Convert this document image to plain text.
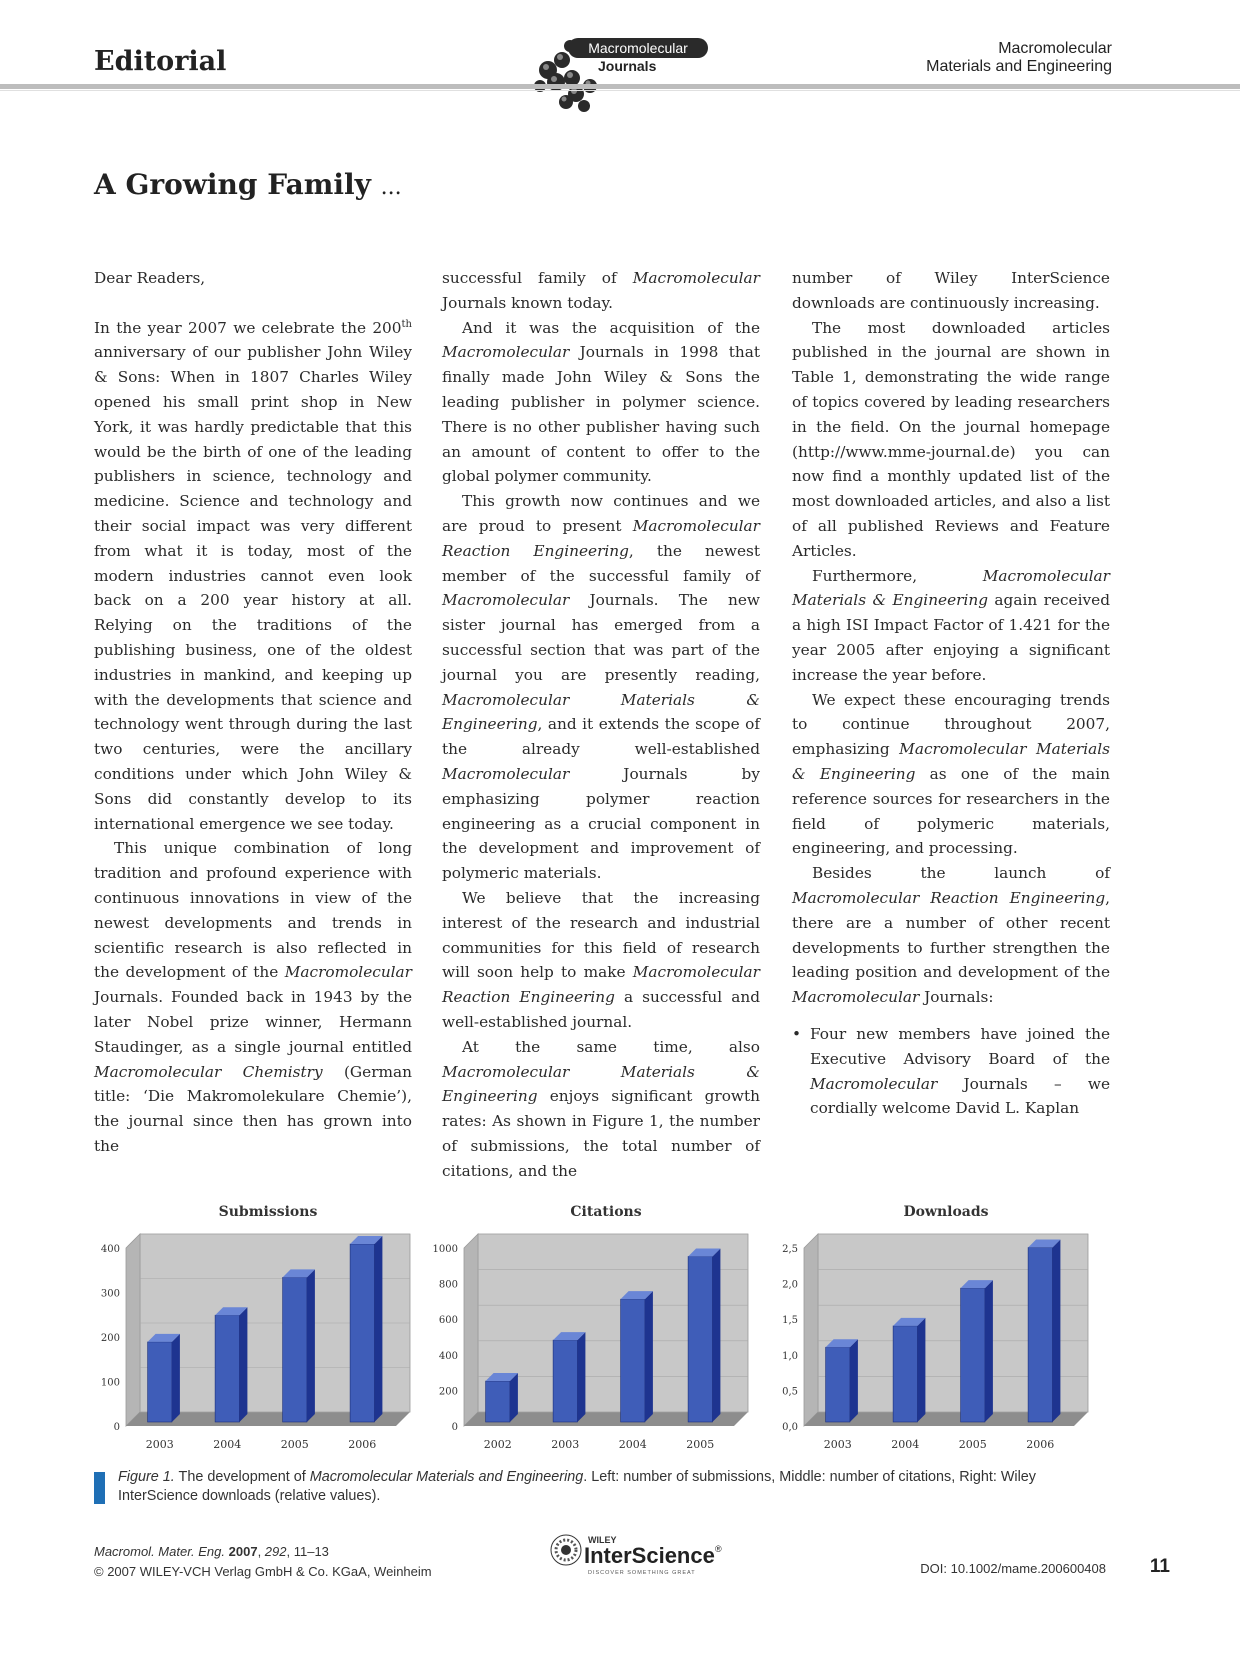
Editorial	Macromolecular
Journals
Macromolecular
Materials and Engineering
A Growing Family ...

Dear Readers,

In the year 2007 we celebrate the 200th anniversary of our publisher John Wiley & Sons: When in 1807 Charles Wiley opened his small print shop in New York, it was hardly predictable that this would be the birth of one of the leading publishers in science, technology and medicine. Science and technology and their social impact was very different from what it is today, most of the modern industries cannot even look back on a 200 year history at all. Relying on the traditions of the publishing business, one of the oldest industries in mankind, and keeping up with the developments that science and technology went through during the last two centuries, were the ancillary conditions under which John Wiley & Sons did constantly develop to its international emergence we see today.

This unique combination of long tradition and profound experience with continuous innovations in view of the newest developments and trends in scientific research is also reflected in the development of the Macromolecular Journals. Founded back in 1943 by the later Nobel prize winner, Hermann Staudinger, as a single journal entitled Macromolecular Chemistry (German title: ‘Die Makromolekulare Chemie’), the journal since then has grown into the

successful family of Macromolecular Journals known today.

And it was the acquisition of the Macromolecular Journals in 1998 that finally made John Wiley & Sons the leading publisher in polymer science. There is no other publisher having such an amount of content to offer to the global polymer community.

This growth now continues and we are proud to present Macromolecular Reaction Engineering, the newest member of the successful family of Macromolecular Journals. The new sister journal has emerged from a successful section that was part of the journal you are presently reading, Macromolecular Materials & Engineering, and it extends the scope of the already well-established Macromolecular Journals by emphasizing polymer reaction engineering as a crucial component in the development and improvement of polymeric materials.

We believe that the increasing interest of the research and industrial communities for this field of research will soon help to make Macromolecular Reaction Engineering a successful and well-established journal.

At the same time, also Macromolecular Materials & Engineering enjoys significant growth rates: As shown in Figure 1, the number of submissions, the total number of citations, and the

number of Wiley InterScience downloads are continuously increasing.

The most downloaded articles published in the journal are shown in Table 1, demonstrating the wide range of topics covered by leading researchers in the field. On the journal homepage (http://www.mme-journal.de) you can now find a monthly updated list of the most downloaded articles, and also a list of all published Reviews and Feature Articles.

Furthermore, Macromolecular Materials & Engineering again received a high ISI Impact Factor of 1.421 for the year 2005 after enjoying a significant increase the year before.

We expect these encouraging trends to continue throughout 2007, emphasizing Macromolecular Materials & Engineering as one of the main reference sources for researchers in the field of polymeric materials, engineering, and processing.

Besides the launch of Macromolecular Reaction Engineering, there are a number of other recent developments to further strengthen the leading position and development of the Macromolecular Journals:

• Four new members have joined the Executive Advisory Board of the Macromolecular Journals – we cordially welcome David L. Kaplan
0
100
200
300
400
Submissions
2003	2004	2005	2006
0
200
400
600
800
1000
Citations
2002	2003	2004	2005
0,0
0,5
1,0
1,5
2,0
2,5
Downloads
2003	2004	2005	2006
Figure 1. The development of Macromolecular Materials and Engineering. Left: number of submissions, Middle: number of citations, Right: Wiley InterScience downloads (relative values).
Macromol. Mater. Eng. 2007, 292, 11–13
© 2007 WILEY-VCH Verlag GmbH & Co. KGaA, Weinheim
WILEY
InterScience ®
DISCOVER SOMETHING GREAT	DOI: 10.1002/mame.200600408 11
